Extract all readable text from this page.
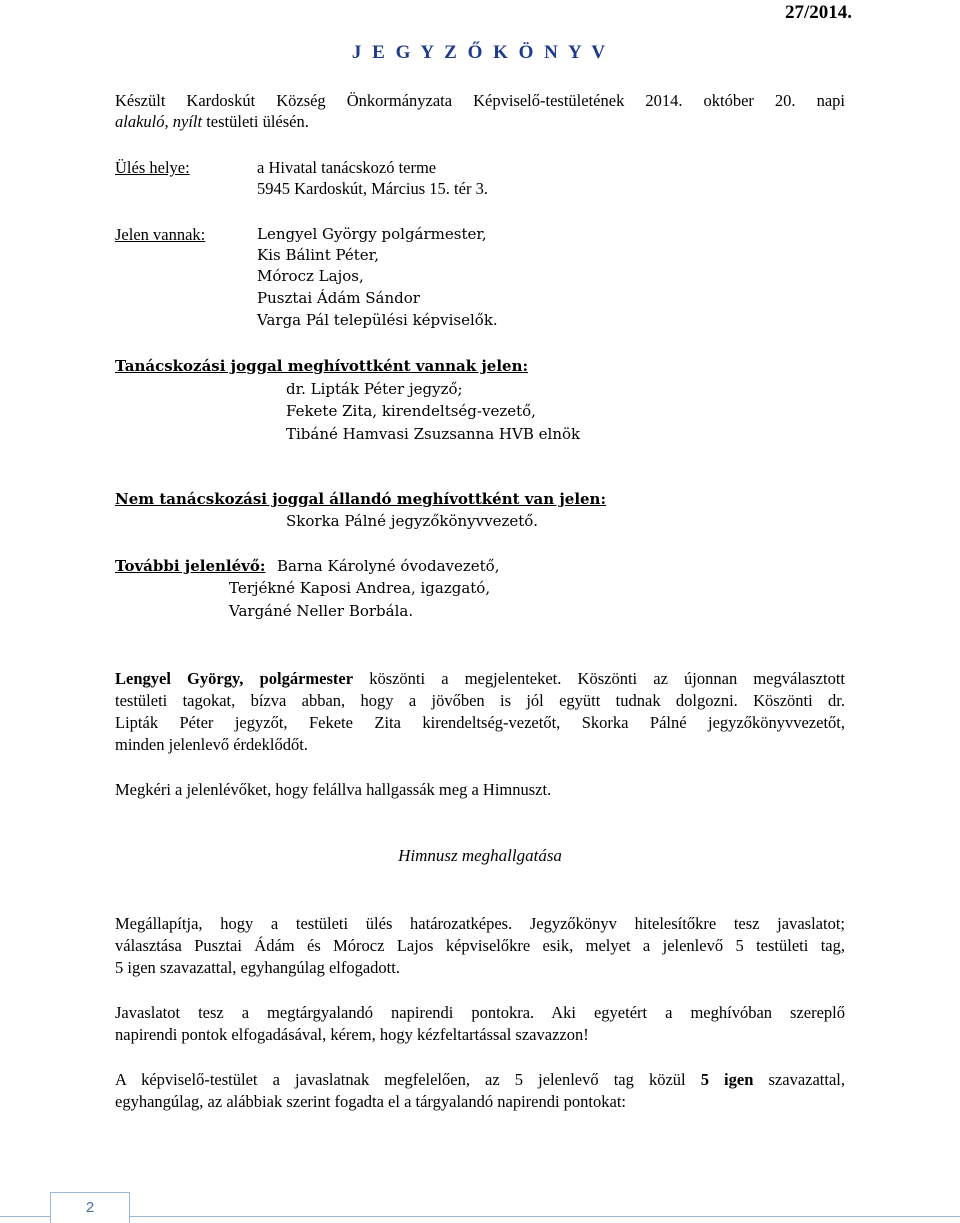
27/2014.
J E G Y Z Ő K Ö N Y V
Készült Kardoskút Község Önkormányzata Képviselő-testületének 2014. október 20. napi
alakuló, nyílt testületi ülésén.
Ülés helye:	a Hivatal tanácskozó terme
5945 Kardoskút, Március 15. tér 3.
Jelen vannak:	Lengyel György polgármester,
Kis Bálint Péter,
Mórocz Lajos,
Pusztai Ádám Sándor
Varga Pál települési képviselők.
Tanácskozási joggal meghívottként vannak jelen:
dr. Lipták Péter jegyző;
Fekete Zita, kirendeltség-vezető,
Tibáné Hamvasi Zsuzsanna HVB elnök
Nem tanácskozási joggal állandó meghívottként van jelen:
Skorka Pálné jegyzőkönyvvezető.
További jelenlévő: Barna Károlyné óvodavezető,
Terjékné Kaposi Andrea, igazgató,
Vargáné Neller Borbála.
Lengyel György, polgármester köszönti a megjelenteket. Köszönti az újonnan megválasztott
testületi tagokat, bízva abban, hogy a jövőben is jól együtt tudnak dolgozni. Köszönti dr.
Lipták Péter jegyzőt, Fekete Zita kirendeltség-vezetőt, Skorka Pálné jegyzőkönyvvezetőt,
minden jelenlevő érdeklődőt.
Megkéri a jelenlévőket, hogy felállva hallgassák meg a Himnuszt.
Himnusz meghallgatása
Megállapítja, hogy a testületi ülés határozatképes. Jegyzőkönyv hitelesítőkre tesz javaslatot;
választása Pusztai Ádám és Mórocz Lajos képviselőkre esik, melyet a jelenlevő 5 testületi tag,
5 igen szavazattal, egyhangúlag elfogadott.
Javaslatot tesz a megtárgyalandó napirendi pontokra. Aki egyetért a meghívóban szereplő
napirendi pontok elfogadásával, kérem, hogy kézfeltartással szavazzon!
A képviselő-testület a javaslatnak megfelelően, az 5 jelenlevő tag közül 5 igen szavazattal,
egyhangúlag, az alábbiak szerint fogadta el a tárgyalandó napirendi pontokat:
2
